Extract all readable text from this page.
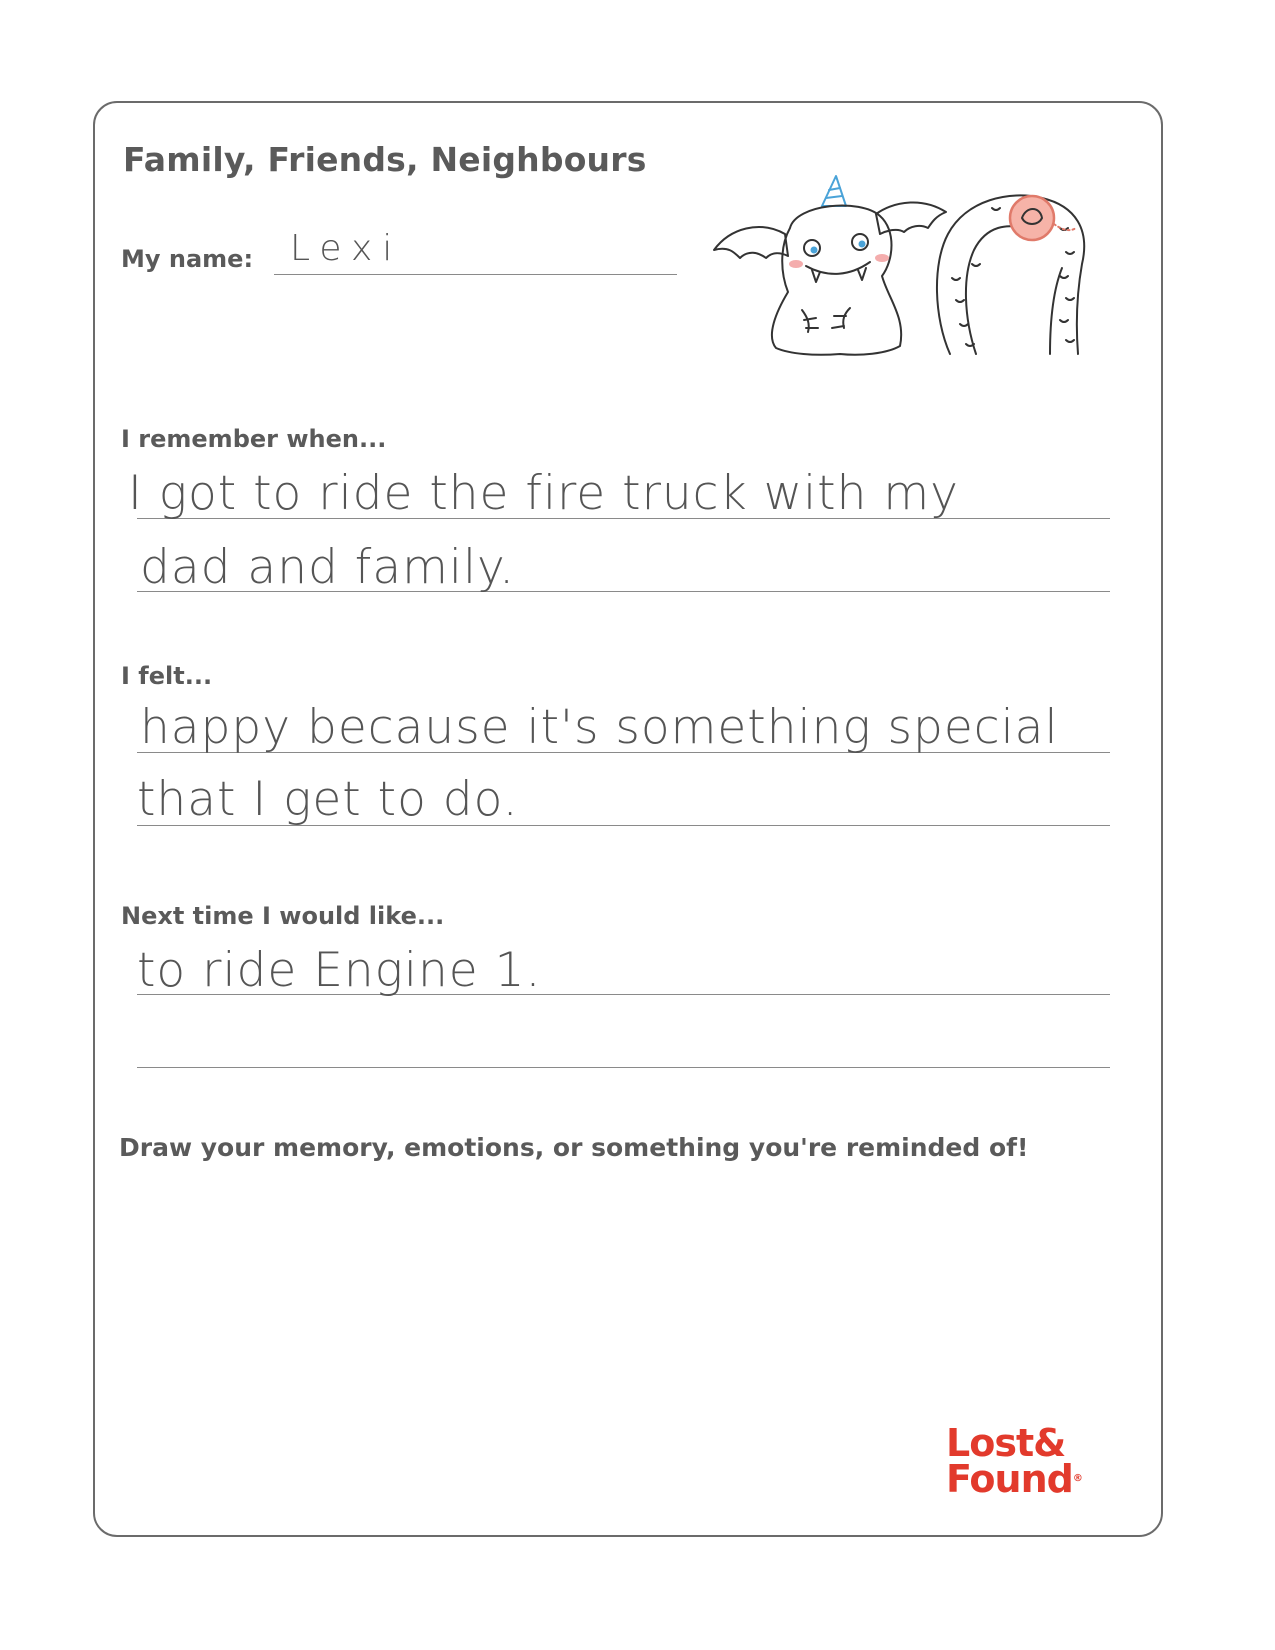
Family, Friends, Neighbours
My name: Lexi
I remember when...
I got to ride the fire truck with my
dad and family.
I felt...
happy because it's something special
that I get to do.
Next time I would like...
to ride Engine 1.
Draw your memory, emotions, or something you're reminded of!
Lost&
Found®
